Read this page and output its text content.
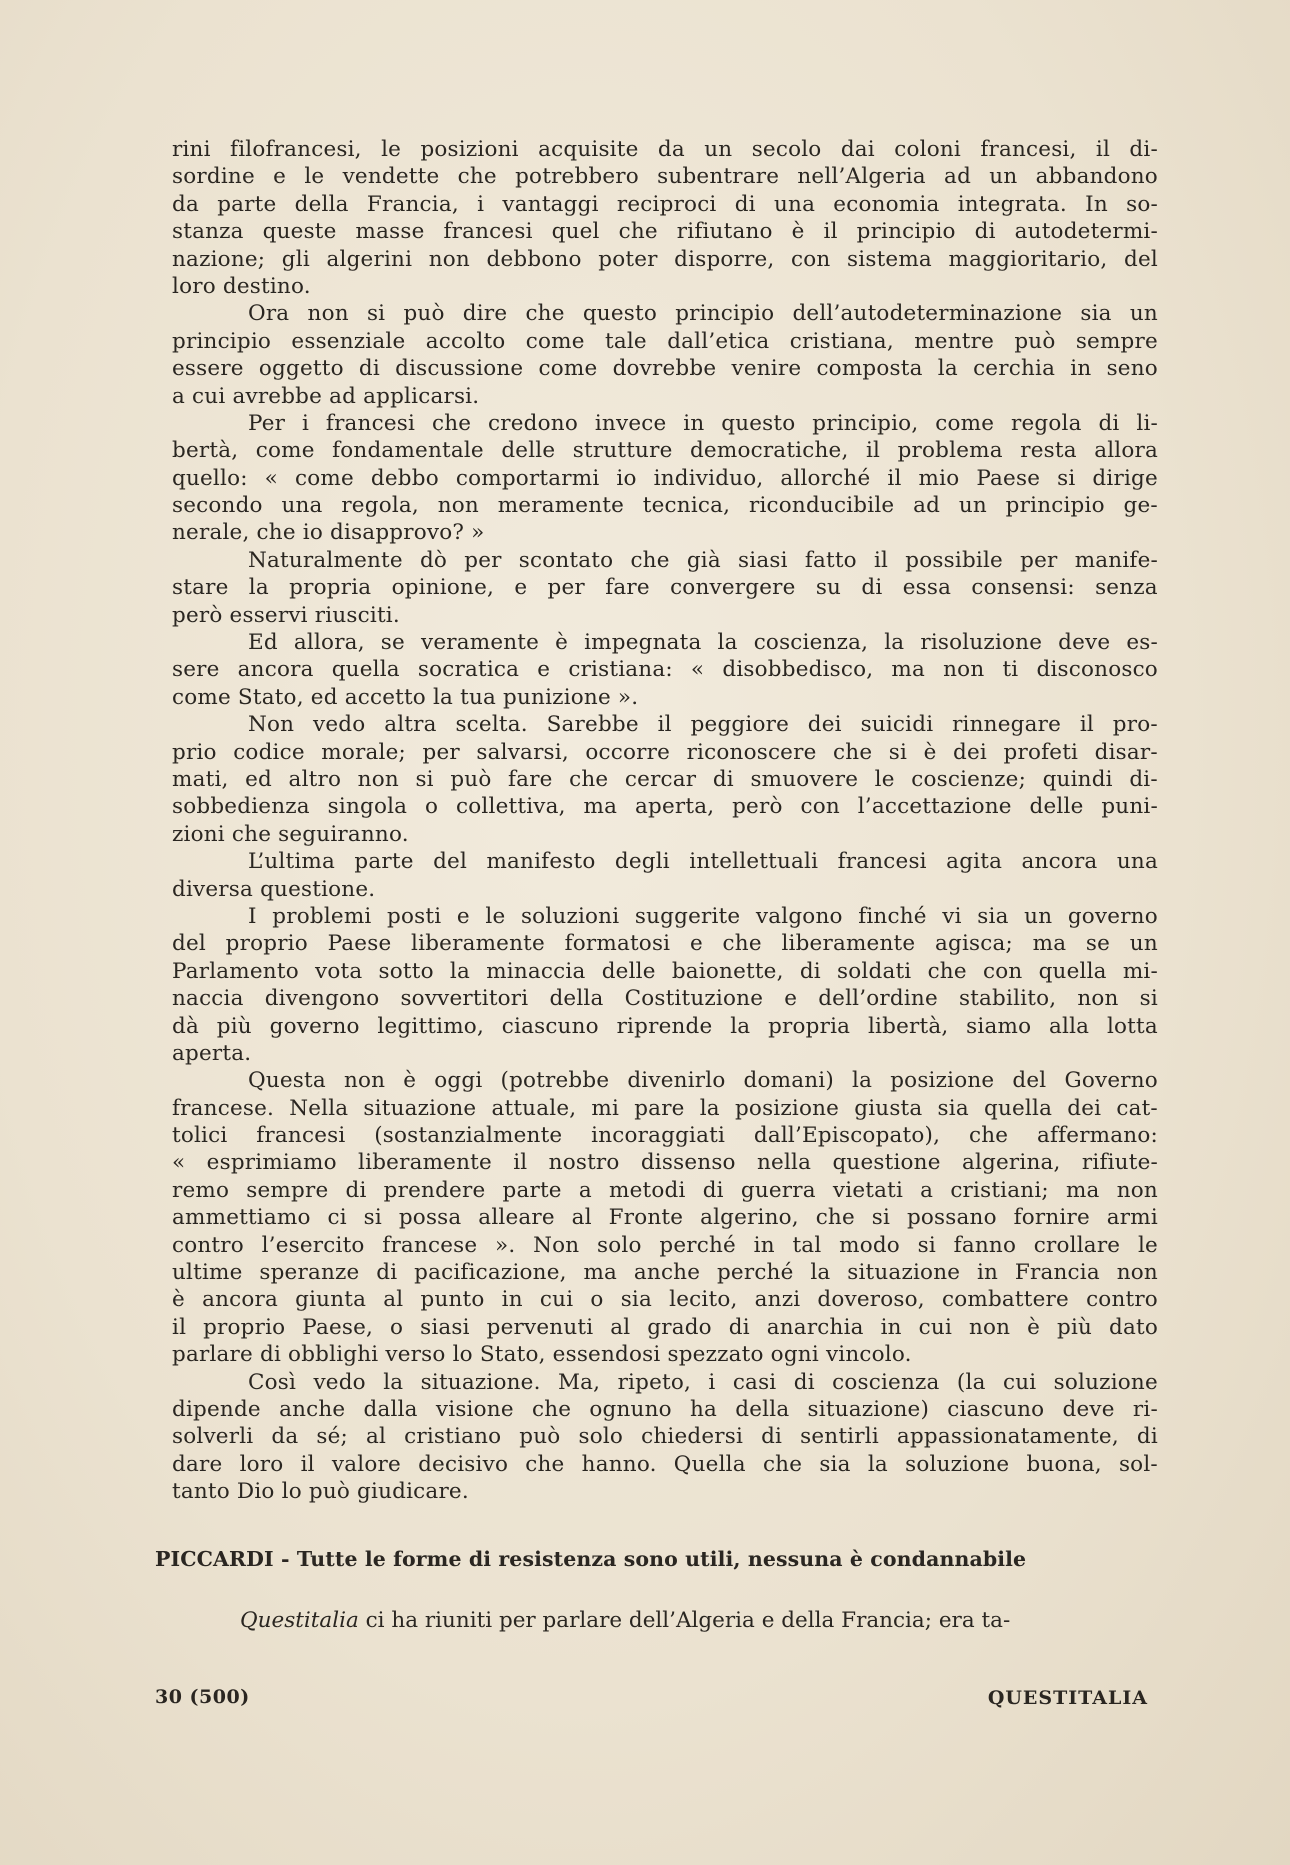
rini filofrancesi, le posizioni acquisite da un secolo dai coloni francesi, il di-
sordine e le vendette che potrebbero subentrare nell’Algeria ad un abbandono
da parte della Francia, i vantaggi reciproci di una economia integrata. In so-
stanza queste masse francesi quel che rifiutano è il principio di autodetermi-
nazione; gli algerini non debbono poter disporre, con sistema maggioritario, del
loro destino.
Ora non si può dire che questo principio dell’autodeterminazione sia un
principio essenziale accolto come tale dall’etica cristiana, mentre può sempre
essere oggetto di discussione come dovrebbe venire composta la cerchia in seno
a cui avrebbe ad applicarsi.
Per i francesi che credono invece in questo principio, come regola di li-
bertà, come fondamentale delle strutture democratiche, il problema resta allora
quello: « come debbo comportarmi io individuo, allorché il mio Paese si dirige
secondo una regola, non meramente tecnica, riconducibile ad un principio ge-
nerale, che io disapprovo? »
Naturalmente dò per scontato che già siasi fatto il possibile per manife-
stare la propria opinione, e per fare convergere su di essa consensi: senza
però esservi riusciti.
Ed allora, se veramente è impegnata la coscienza, la risoluzione deve es-
sere ancora quella socratica e cristiana: « disobbedisco, ma non ti disconosco
come Stato, ed accetto la tua punizione ».
Non vedo altra scelta. Sarebbe il peggiore dei suicidi rinnegare il pro-
prio codice morale; per salvarsi, occorre riconoscere che si è dei profeti disar-
mati, ed altro non si può fare che cercar di smuovere le coscienze; quindi di-
sobbedienza singola o collettiva, ma aperta, però con l’accettazione delle puni-
zioni che seguiranno.
L’ultima parte del manifesto degli intellettuali francesi agita ancora una
diversa questione.
I problemi posti e le soluzioni suggerite valgono finché vi sia un governo
del proprio Paese liberamente formatosi e che liberamente agisca; ma se un
Parlamento vota sotto la minaccia delle baionette, di soldati che con quella mi-
naccia divengono sovvertitori della Costituzione e dell’ordine stabilito, non si
dà più governo legittimo, ciascuno riprende la propria libertà, siamo alla lotta
aperta.
Questa non è oggi (potrebbe divenirlo domani) la posizione del Governo
francese. Nella situazione attuale, mi pare la posizione giusta sia quella dei cat-
tolici francesi (sostanzialmente incoraggiati dall’Episcopato), che affermano:
« esprimiamo liberamente il nostro dissenso nella questione algerina, rifiute-
remo sempre di prendere parte a metodi di guerra vietati a cristiani; ma non
ammettiamo ci si possa alleare al Fronte algerino, che si possano fornire armi
contro l’esercito francese ». Non solo perché in tal modo si fanno crollare le
ultime speranze di pacificazione, ma anche perché la situazione in Francia non
è ancora giunta al punto in cui o sia lecito, anzi doveroso, combattere contro
il proprio Paese, o siasi pervenuti al grado di anarchia in cui non è più dato
parlare di obblighi verso lo Stato, essendosi spezzato ogni vincolo.
Così vedo la situazione. Ma, ripeto, i casi di coscienza (la cui soluzione
dipende anche dalla visione che ognuno ha della situazione) ciascuno deve ri-
solverli da sé; al cristiano può solo chiedersi di sentirli appassionatamente, di
dare loro il valore decisivo che hanno. Quella che sia la soluzione buona, sol-
tanto Dio lo può giudicare.
PICCARDI - Tutte le forme di resistenza sono utili, nessuna è condannabile
Questitalia
ci ha riuniti per parlare dell’Algeria e della Francia; era ta-
30 (500)	QUESTITALIA
